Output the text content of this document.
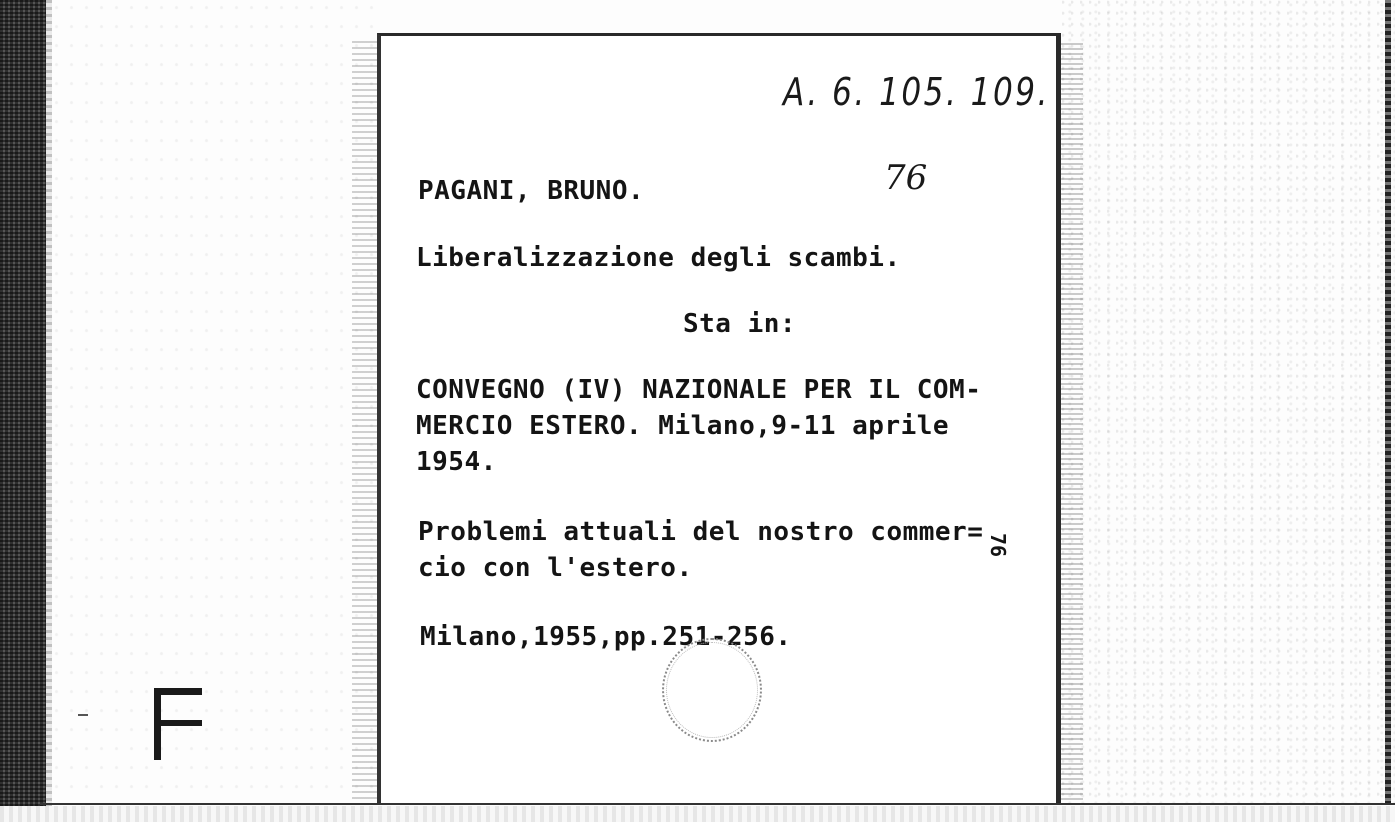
A. 6. 105. 109.
76
PAGANI, BRUNO.
Liberalizzazione degli scambi.
Sta in:
CONVEGNO (IV) NAZIONALE PER IL COM-
MERCIO ESTERO. Milano,9-11 aprile
1954.
Problemi attuali del nostro commer=
cio con l'estero.
Milano,1955,pp.251-256.
76
